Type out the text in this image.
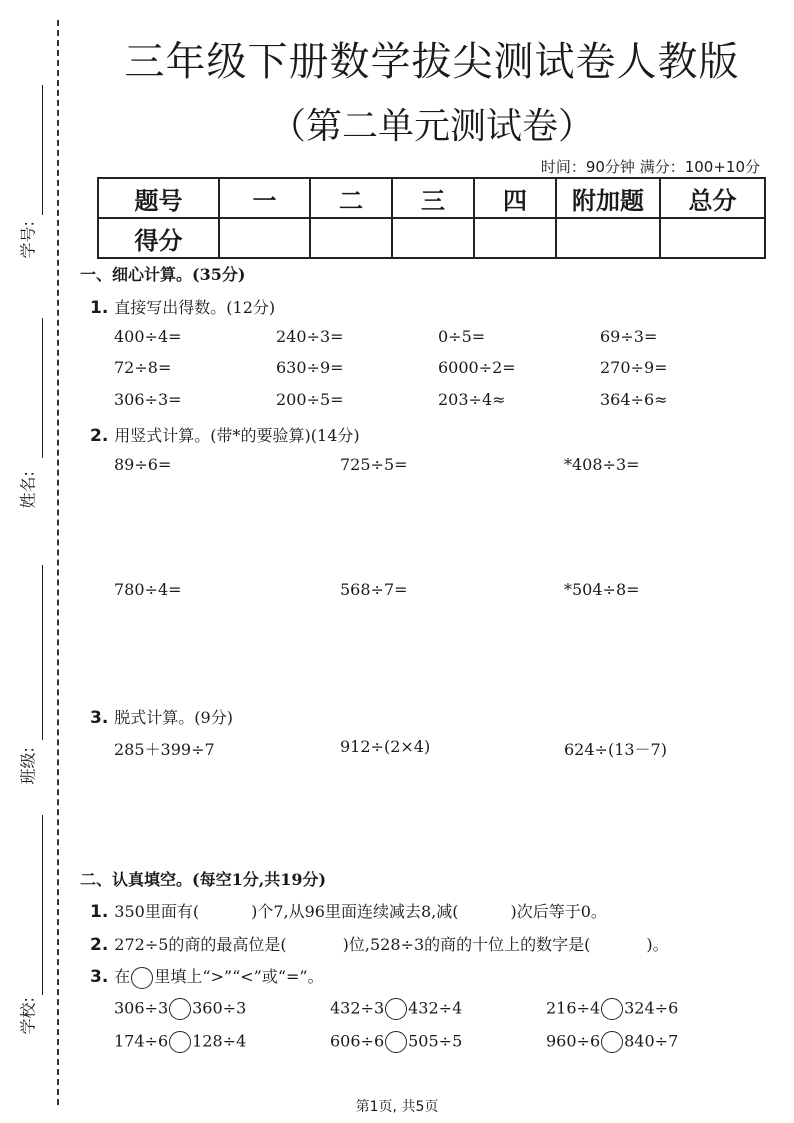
学号:
姓名:
班级:
学校:
三年级下册数学拔尖测试卷人教版
（第二单元测试卷）
时间：90分钟 满分：100+10分
题号	一	二	三	四	附加题	总分
得分						
一、细心计算。(35分)
1. 直接写出得数。(12分)
400÷4=	240÷3=	0÷5=	69÷3=
72÷8=	630÷9=	6000÷2=	270÷9=
306÷3=	200÷5=	203÷4≈	364÷6≈
2. 用竖式计算。(带*的要验算)(14分)
89÷6=	725÷5=	*408÷3=
780÷4=	568÷7=	*504÷8=
3. 脱式计算。(9分)
285＋399÷7	912÷(2×4)	624÷(13－7)
二、认真填空。(每空1分,共19分)
1. 350里面有(	)个7,从96里面连续减去8,减(	)次后等于0。
2. 272÷5的商的最高位是(	)位,528÷3的商的十位上的数字是(	)。
3. 在 里填上“>”“<”或“=”。
306÷3 360÷3	432÷3 432÷4	216÷4 324÷6
174÷6 128÷4	606÷6 505÷5	960÷6 840÷7
第1页, 共5页
